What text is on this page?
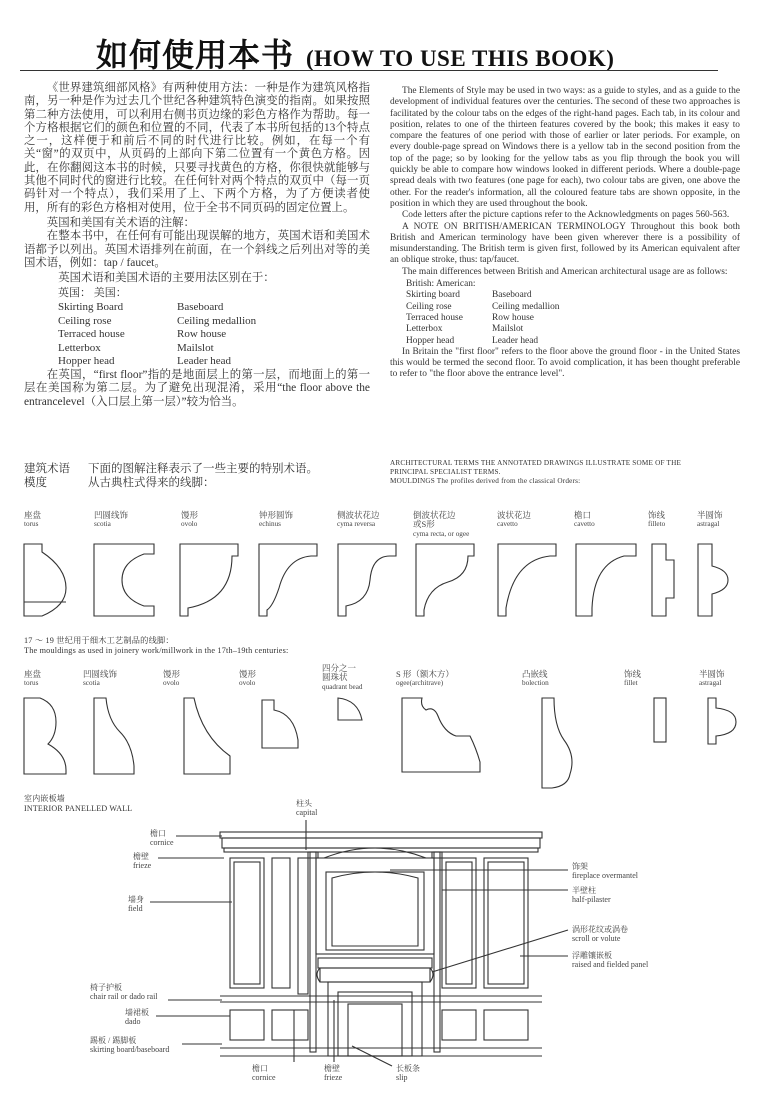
如何使用本书 (HOW TO USE THIS BOOK)

《世界建筑细部风格》有两种使用方法：一种是作为建筑风格指南，另一种是作为过去几个世纪各种建筑特色演变的指南。如果按照第二种方法使用，可以利用右侧书页边缘的彩色方格作为帮助。每一个方格根据它们的颜色和位置的不同，代表了本书所包括的13个特点之一，这样便于和前后不同的时代进行比较。例如，在每一个有关“窗”的双页中，从页码的上部向下第二位置有一个黄色方格。因此，在你翻阅这本书的时候，只要寻找黄色的方格，你很快就能够与其他不同时代的窗进行比较。在任何针对两个特点的双页中（每一页码针对一个特点），我们采用了上、下两个方格，为了方便读者使用，所有的彩色方格相对使用，位于全书不同页码的固定位置上。

英国和美国有关术语的注解：

在整本书中，在任何有可能出现误解的地方，英国术语和美国术语都予以列出。英国术语排列在前面，在一个斜线之后列出对等的美国术语，例如：tap / faucet。

英国术语和美国术语的主要用法区别在于：

英国： 美国：
Skirting Board	Baseboard
Ceiling rose	Ceiling medallion
Terraced house	Row house
Letterbox	Mailslot
Hopper head	Leader head

在英国，“first floor”指的是地面层上的第一层，而地面上的第一层在美国称为第二层。为了避免出现混淆，采用“the floor above the entrancelevel（入口层上第一层）”较为恰当。

The Elements of Style may be used in two ways: as a guide to styles, and as a guide to the development of individual features over the centuries. The second of these two approaches is facilitated by the colour tabs on the edges of the right-hand pages. Each tab, in its colour and position, relates to one of the thirteen features covered by the book; this makes it easy to compare the features of one period with those of earlier or later periods. For example, on every double-page spread on Windows there is a yellow tab in the second position from the top of the page; so by looking for the yellow tabs as you flip through the book you will quickly be able to compare how windows looked in different periods. Where a double-page spread deals with two features (one page for each), two colour tabs are given, one above the other. For the reader's information, all the coloured feature tabs are shown opposite, in the position in which they are used throughout the book.

Code letters after the picture captions refer to the Acknowledgments on pages 560-563.

A NOTE ON BRITISH/AMERICAN TERMINOLOGY Throughout this book both British and American terminology have been given wherever there is a possibility of misunderstanding. The British term is given first, followed by its American equivalent after an oblique stroke, thus: tap/faucet.

The main differences between British and American architectural usage are as follows:

British: American:
Skirting board	Baseboard
Ceiling rose	Ceiling medallion
Terraced house	Row house
Letterbox	Mailslot
Hopper head	Leader head

In Britain the "first floor" refers to the floor above the ground floor - in the United States this would be termed the second floor. To avoid complication, it has been thought preferable to refer to "the floor above the entrance level".

建筑术语
模度
下面的图解注释表示了一些主要的特别术语。
从古典柱式得来的线脚：
ARCHITECTURAL TERMS THE ANNOTATED DRAWINGS ILLUSTRATE SOME OF THE
PRINCIPAL SPECIALIST TERMS.
MOULDINGS The profiles derived from the classical Orders:
座盘
torus
凹圆线饰
scotia
馒形
ovolo
钟形圆饰
echinus
侧波状花边
cyma reversa
倒波状花边
或S形
cyma recta, or ogee
波状花边
cavetto
檐口
cavetto
饰线
filleto
半圆饰
astragal
17 ～ 19 世纪用于细木工艺制品的线脚：
The mouldings as used in joinery work/millwork in the 17th–19th centuries:
座盘
torus
凹圆线饰
scotia
馒形
ovolo
馒形
ovolo
四分之一
圆珠状
quadrant bead
S 形（额木方）
ogee(architrave)
凸嵌线
bolection
饰线
fillet
半圆饰
astragal
室内嵌板墙
INTERIOR PANELLED WALL
柱头
capital
檐口
cornice
檐壁
frieze
墙身
field
椅子护板
chair rail or dado rail
墙裙板
dado
踢板 / 踢脚板
skirting board/baseboard
饰架
fireplace overmantel
半壁柱
half-pilaster
涡形花纹或涡卷
scroll or volute
浮雕镶嵌板
raised and fielded panel
檐口
cornice
檐壁
frieze
长板条
slip
